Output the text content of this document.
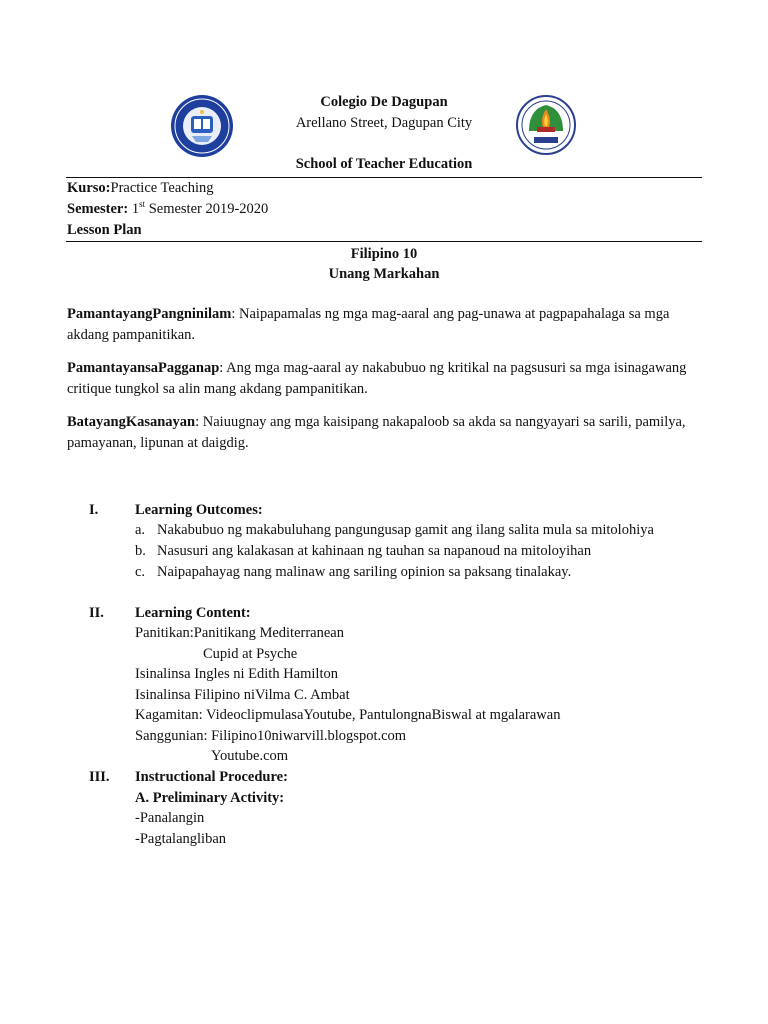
Colegio De Dagupan
Arellano Street, Dagupan City
School of Teacher Education
Kurso:Practice Teaching
Semester: 1st Semester 2019-2020
Lesson Plan
Filipino 10
Unang Markahan
PamantayangPangninilam: Naipapamalas ng mga mag-aaral ang pag-unawa at pagpapahalaga sa mga akdang pampanitikan.
PamantayansaPagganap: Ang mga mag-aaral ay nakabubuo ng kritikal na pagsusuri sa mga isinagawang critique tungkol sa alin mang akdang pampanitikan.
BatayangKasanayan: Naiuugnay ang mga kaisipang nakapaloob sa akda sa nangyayari sa sarili, pamilya, pamayanan, lipunan at daigdig.
I.	Learning Outcomes:
a. Nakabubuo ng makabuluhang pangungusap gamit ang ilang salita mula sa mitolohiya
b. Nasusuri ang kalakasan at kahinaan ng tauhan sa napanoud na mitoloyihan
c. Naipapahayag nang malinaw ang sariling opinion sa paksang tinalakay.
II. Learning Content:
Panitikan:Panitikang Mediterranean
Cupid at Psyche
Isinalinsa Ingles ni Edith Hamilton
Isinalinsa Filipino niVilma C. Ambat
Kagamitan: VideoclipmulasaYoutube, PantulongnaBiswal at mgalarawan
Sanggunian: Filipino10niwarvill.blogspot.com
Youtube.com
III. Instructional Procedure:
A. Preliminary Activity:
-Panalangin
-Pagtalangliban
